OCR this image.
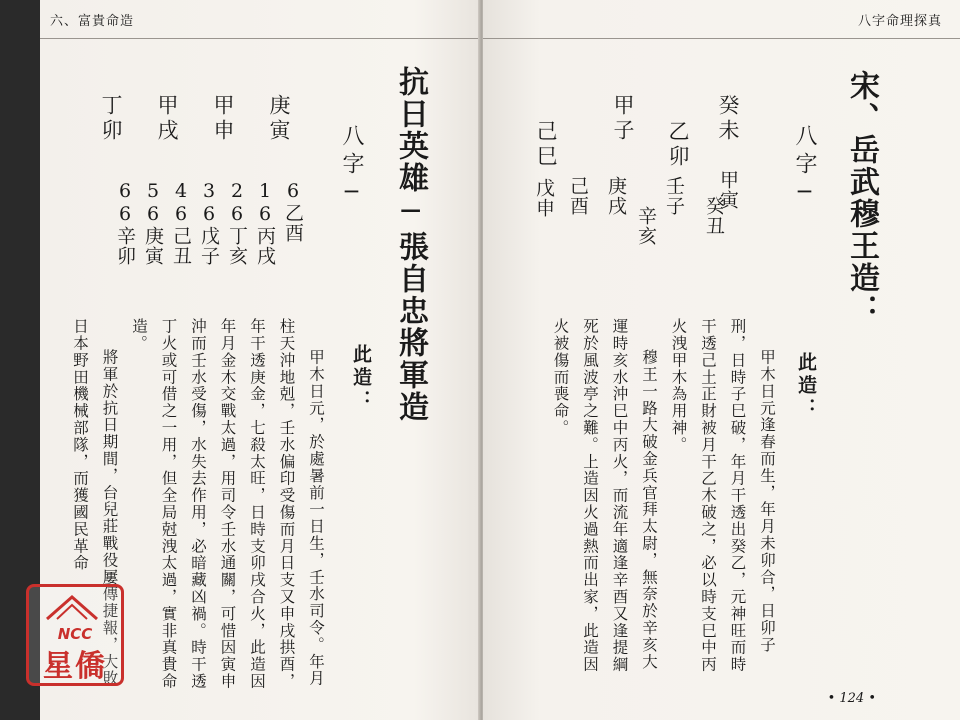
六、富貴命造
抗日英雄─張自忠將軍造
八字─
庚寅
甲申
甲戌
丁卯
6乙酉
16丙戌
26丁亥
36戊子
46己丑
56庚寅
66辛卯
此造：

甲木日元，於處暑前一日生，壬水司令。年月柱天沖地剋，壬水偏印受傷而月日支又申戌拱酉，年干透庚金，七殺太旺，日時支卯戌合火，此造因年月金木交戰太過，用司令壬水通關，可惜因寅申沖而壬水受傷，水失去作用，必暗藏凶禍。時干透丁火或可借之一用，但全局尅洩太過，實非真貴命造。

將軍於抗日期間，台兒莊戰役屢傳捷報，大敗日本野田機械部隊，而獲國民革命

八字命理探真
宋、岳武穆王造：
八字─
癸未
乙卯
甲子
己巳
甲寅
癸丑
壬子
辛亥
庚戌
己酉
戊申
此造：

甲木日元逢春而生，年月未卯合，日卯子刑，日時子巳破，年月干透出癸乙，元神旺而時干透己土正財被月干乙木破之，必以時支巳中丙火洩甲木為用神。

穆王一路大破金兵官拜太尉，無奈於辛亥大運時亥水沖巳中丙火，而流年適逢辛酉又逢提綱死於風波亭之難。上造因火過熱而出家，此造因火被傷而喪命。

• 124 •
NCC
星僑
